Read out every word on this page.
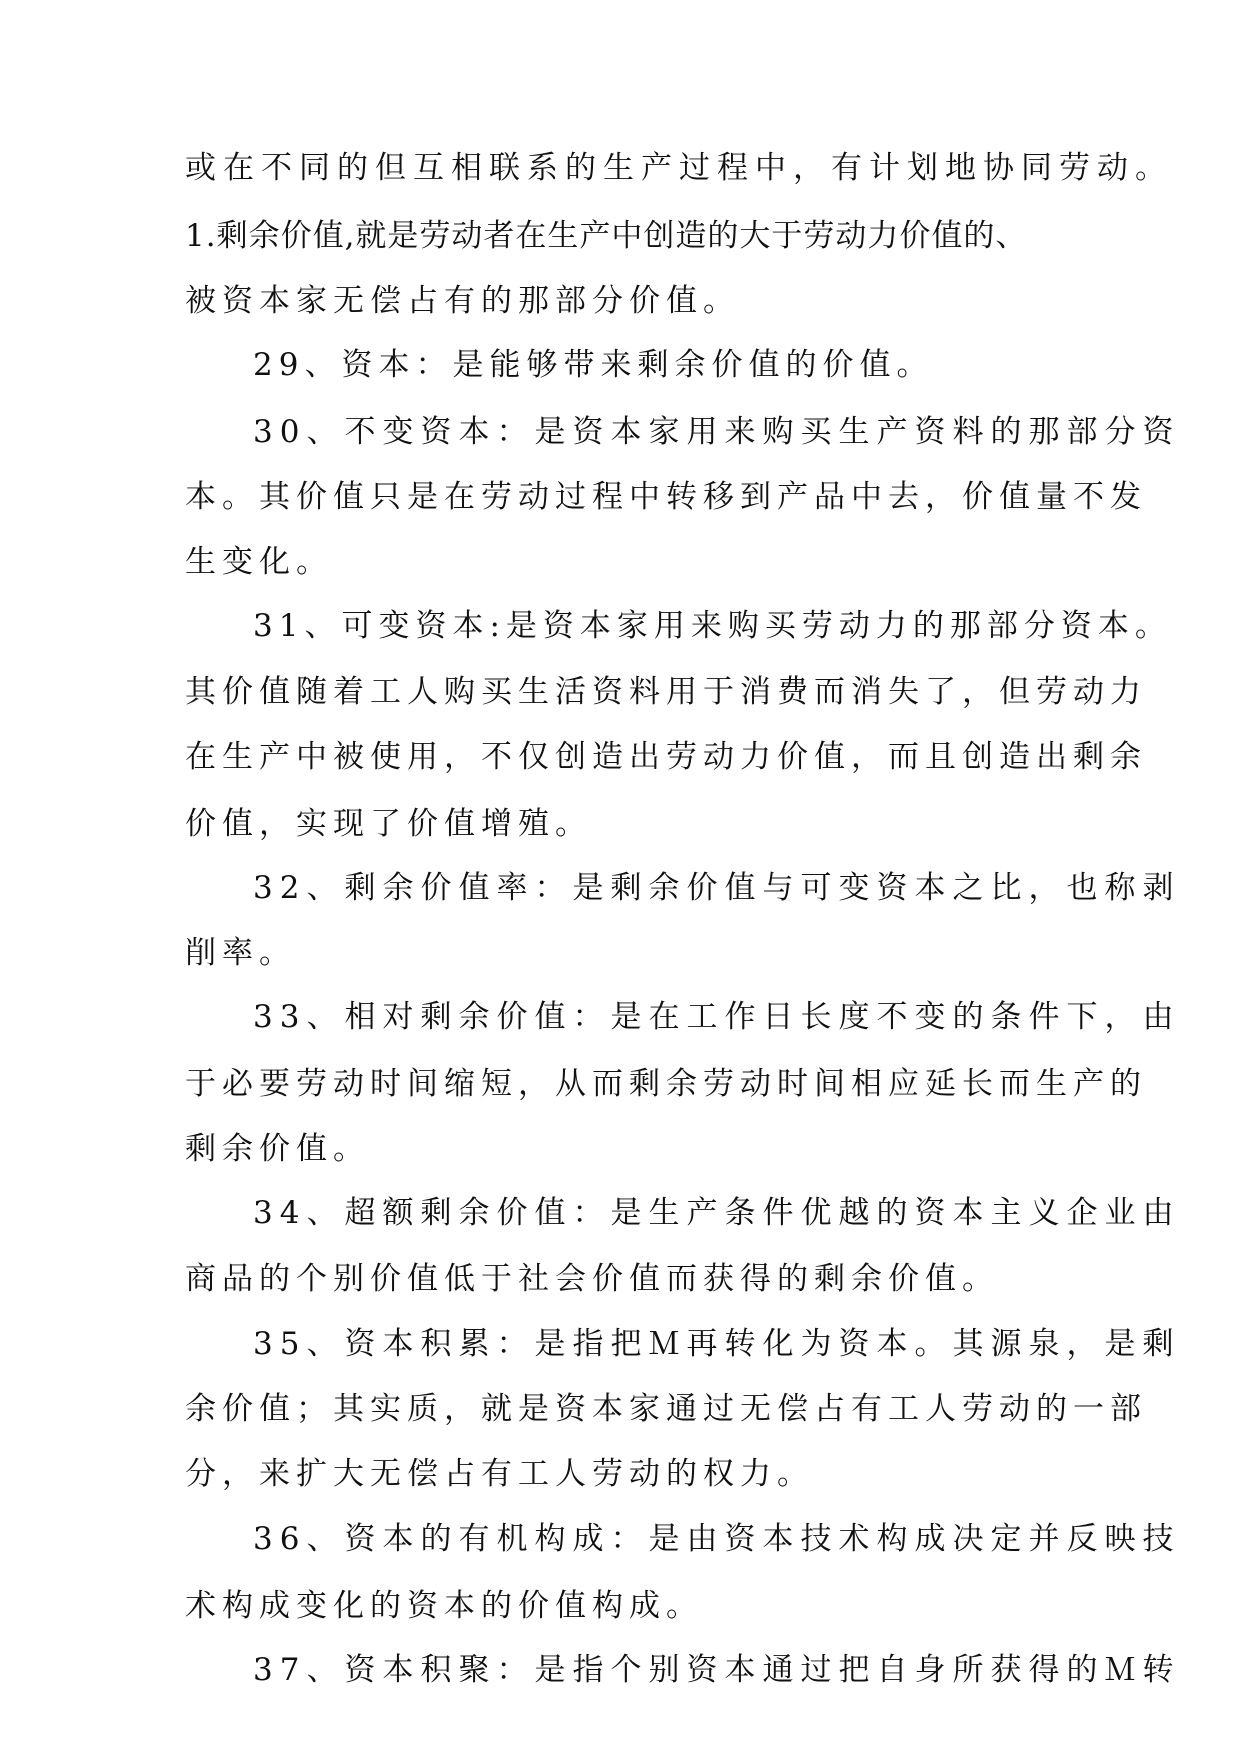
或在不同的但互相联系的生产过程中，有计划地协同劳动。
1.剩余价值,就是劳动者在生产中创造的大于劳动力价值的、
被资本家无偿占有的那部分价值。
29、资本：是能够带来剩余价值的价值。
30、不变资本：是资本家用来购买生产资料的那部分资
本。其价值只是在劳动过程中转移到产品中去，价值量不发
生变化。
31、可变资本:是资本家用来购买劳动力的那部分资本。
其价值随着工人购买生活资料用于消费而消失了，但劳动力
在生产中被使用，不仅创造出劳动力价值，而且创造出剩余
价值，实现了价值增殖。
32、剩余价值率：是剩余价值与可变资本之比，也称剥
削率。
33、相对剩余价值：是在工作日长度不变的条件下，由
于必要劳动时间缩短，从而剩余劳动时间相应延长而生产的
剩余价值。
34、超额剩余价值：是生产条件优越的资本主义企业由
商品的个别价值低于社会价值而获得的剩余价值。
35、资本积累：是指把Ｍ再转化为资本。其源泉，是剩
余价值；其实质，就是资本家通过无偿占有工人劳动的一部
分，来扩大无偿占有工人劳动的权力。
36、资本的有机构成：是由资本技术构成决定并反映技
术构成变化的资本的价值构成。
37、资本积聚：是指个别资本通过把自身所获得的Ｍ转
